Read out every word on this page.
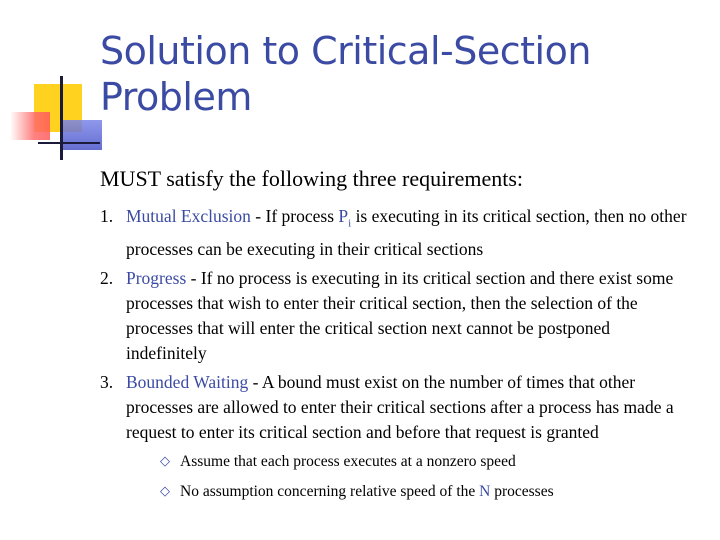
Solution to Critical-Section Problem

MUST satisfy the following three requirements:

1. Mutual Exclusion - If process $P_i$ is executing in its critical section, then no other processes can be executing in their critical sections
2. Progress - If no process is executing in its critical section and there exist some processes that wish to enter their critical section, then the selection of the processes that will enter the critical section next cannot be postponed indefinitely
3. Bounded Waiting - A bound must exist on the number of times that other processes are allowed to enter their critical sections after a process has made a request to enter its critical section and before that request is granted
◇ Assume that each process executes at a nonzero speed
◇ No assumption concerning relative speed of the N processes
